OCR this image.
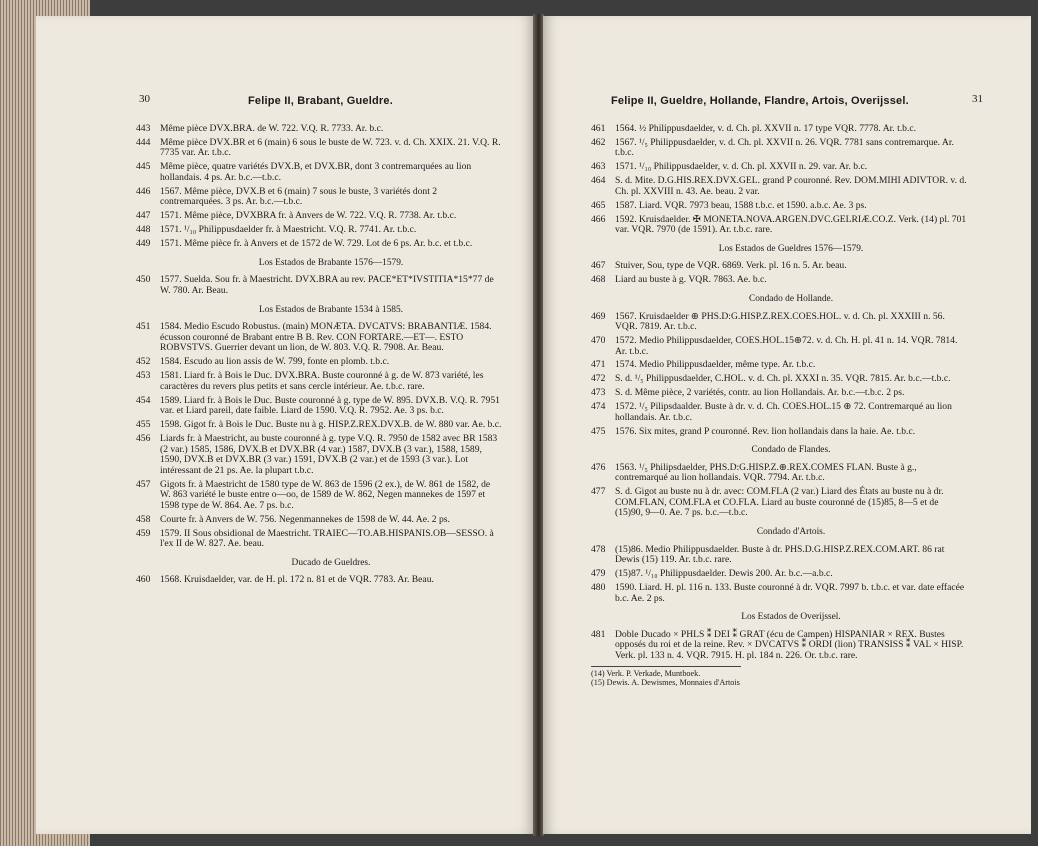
30	Felipe II, Brabant, Gueldre.
443	Même pièce DVX.BRA. de W. 722. V.Q. R. 7733. Ar. b.c.
444	Même pièce DVX.BR et 6 (main) 6 sous le buste de W. 723. v. d. Ch. XXIX. 21. V.Q. R. 7735 var. Ar. t.b.c.
445	Même pièce, quatre variétés DVX.B, et DVX.BR, dont 3 contremarquées au lion hollandais. 4 ps. Ar. b.c.—t.b.c.
446	1567. Même pièce, DVX.B et 6 (main) 7 sous le buste, 3 variétés dont 2 contremarquées. 3 ps. Ar. b.c.—t.b.c.
447	1571. Même pièce, DVXBRA fr. à Anvers de W. 722. V.Q. R. 7738. Ar. t.b.c.
448	1571. ¹/₁₀ Philippusdaelder fr. à Maestricht. V.Q. R. 7741. Ar. t.b.c.
449	1571. Même pièce fr. à Anvers et de 1572 de W. 729. Lot de 6 ps. Ar. b.c. et t.b.c.
Los Estados de Brabante 1576—1579.
450	1577. Suelda. Sou fr. à Maestricht. DVX.BRA au rev. PACE*ET*IVSTITIA*15*77 de W. 780. Ar. Beau.
Los Estados de Brabante 1534 à 1585.
451	1584. Medio Escudo Robustus. (main) MONÆTA. DVCATVS: BRABANTIÆ. 1584. écusson couronné de Brabant entre B B. Rev. CON FORTARE.—ET—. ESTO ROBVSTVS. Guerrier devant un lion, de W. 803. V.Q. R. 7908. Ar. Beau.
452	1584. Escudo au lion assis de W. 799, fonte en plomb. t.b.c.
453	1581. Liard fr. à Bois le Duc. DVX.BRA. Buste couronné à g. de W. 873 variété, les caractères du revers plus petits et sans cercle intérieur. Ae. t.b.c. rare.
454	1589. Liard fr. à Bois le Duc. Buste couronné à g. type de W. 895. DVX.B. V.Q. R. 7951 var. et Liard pareil, date faible. Liard de 1590. V.Q. R. 7952. Ae. 3 ps. b.c.
455	1598. Gigot fr. à Bois le Duc. Buste nu à g. HISP.Z.REX.DVX.B. de W. 880 var. Ae. b.c.
456	Liards fr. à Maestricht, au buste couronné à g. type V.Q. R. 7950 de 1582 avec BR 1583 (2 var.) 1585, 1586, DVX.B et DVX.BR (4 var.) 1587, DVX.B (3 var.), 1588, 1589, 1590, DVX.B et DVX.BR (3 var.) 1591, DVX.B (2 var.) et de 1593 (3 var.). Lot intéressant de 21 ps. Ae. la plupart t.b.c.
457	Gigots fr. à Maestricht de 1580 type de W. 863 de 1596 (2 ex.), de W. 861 de 1582, de W. 863 variété le buste entre o—oo, de 1589 de W. 862, Negen mannekes de 1597 et 1598 type de W. 864. Ae. 7 ps. b.c.
458	Courte fr. à Anvers de W. 756. Negenmannekes de 1598 de W. 44. Ae. 2 ps.
459	1579. II Sous obsidional de Maestricht. TRAIEC—TO.AB.HISPANIS.OB—SESSO. à l'ex II de W. 827. Ae. beau.
Ducado de Gueldres.
460	1568. Kruisdaelder, var. de H. pl. 172 n. 81 et de VQR. 7783. Ar. Beau.
31
Felipe II, Gueldre, Hollande, Flandre, Artois, Overijssel.
461	1564. ½ Philippusdaelder, v. d. Ch. pl. XXVII n. 17 type VQR. 7778. Ar. t.b.c.
462	1567. ¹/₅ Philippusdaelder, v. d. Ch. pl. XXVII n. 26. VQR. 7781 sans contremarque. Ar. t.b.c.
463	1571. ¹/₁₀ Philippusdaelder, v. d. Ch. pl. XXVII n. 29. var. Ar. b.c.
464	S. d. Mite. D.G.HIS.REX.DVX.GEL. grand P couronné. Rev. DOM.MIHI ADIVTOR. v. d. Ch. pl. XXVIII n. 43. Ae. beau. 2 var.
465	1587. Liard. VQR. 7973 beau, 1588 t.b.c. et 1590. a.b.c. Ae. 3 ps.
466	1592. Kruisdaelder. ✠ MONETA.NOVA.ARGEN.DVC.GELRIÆ.CO.Z. Verk. (14) pl. 701 var. VQR. 7970 (de 1591). Ar. t.b.c. rare.
Los Estados de Gueldres 1576—1579.
467	Stuiver, Sou, type de VQR. 6869. Verk. pl. 16 n. 5. Ar. beau.
468	Liard au buste à g. VQR. 7863. Ae. b.c.
Condado de Hollande.
469	1567. Kruisdaelder ⊕ PHS.D:G.HISP.Z.REX.COES.HOL. v. d. Ch. pl. XXXIII n. 56. VQR. 7819. Ar. t.b.c.
470	1572. Medio Philippusdaelder, COES.HOL.15⊕72. v. d. Ch. H. pl. 41 n. 14. VQR. 7814. Ar. t.b.c.
471	1574. Medio Philippusdaelder, même type. Ar. t.b.c.
472	S. d. ¹/₅ Philippusdaelder, C.HOL. v. d. Ch. pl. XXXI n. 35. VQR. 7815. Ar. b.c.—t.b.c.
473	S. d. Même pièce, 2 variétés, contr. au lion Hollandais. Ar. b.c.—t.b.c. 2 ps.
474	1572. ¹/₅ Pilipsdaalder. Buste à dr. v. d. Ch. COES.HOL.15 ⊕ 72. Contremarqué au lion hollandais. Ar. t.b.c.
475	1576. Six mites, grand P couronné. Rev. lion hollandais dans la haie. Ae. t.b.c.
Condado de Flandes.
476	1563. ¹/₅ Philipsdaelder, PHS.D:G.HISP.Z.⊕.REX.COMES FLAN. Buste à g., contremarqué au lion hollandais. VQR. 7794. Ar. t.b.c.
477	S. d. Gigot au buste nu à dr. avec: COM.FLA (2 var.) Liard des États au buste nu à dr. COM.FLAN, COM.FLA et CO.FLA. Liard au buste couronné de (15)85, 8—5 et de (15)90, 9—0. Ae. 7 ps. b.c.—t.b.c.
Condado d'Artois.
478	(15)86. Medio Philippusdaelder. Buste à dr. PHS.D.G.HISP.Z.REX.COM.ART. 86 rat Dewis (15) 119. Ar. t.b.c. rare.
479	(15)87. ¹/₁₀ Philippusdaelder. Dewis 200. Ar. b.c.—a.b.c.
480	1590. Liard. H. pl. 116 n. 133. Buste couronné à dr. VQR. 7997 b. t.b.c. et var. date effacée b.c. Ae. 2 ps.
Los Estados de Overijssel.
481	Doble Ducado × PHLS ⁑ DEI ⁑ GRAT (écu de Campen) HISPANIAR × REX. Bustes opposés du roi et de la reine. Rev. × DVCATVS ⁑ ORDI (lion) TRANSISS ⁑ VAL × HISP. Verk. pl. 133 n. 4. VQR. 7915. H. pl. 184 n. 226. Or. t.b.c. rare.
(14) Verk. P. Verkade, Muntboek.
(15) Dewis. A. Dewismes, Monnaies d'Artois
